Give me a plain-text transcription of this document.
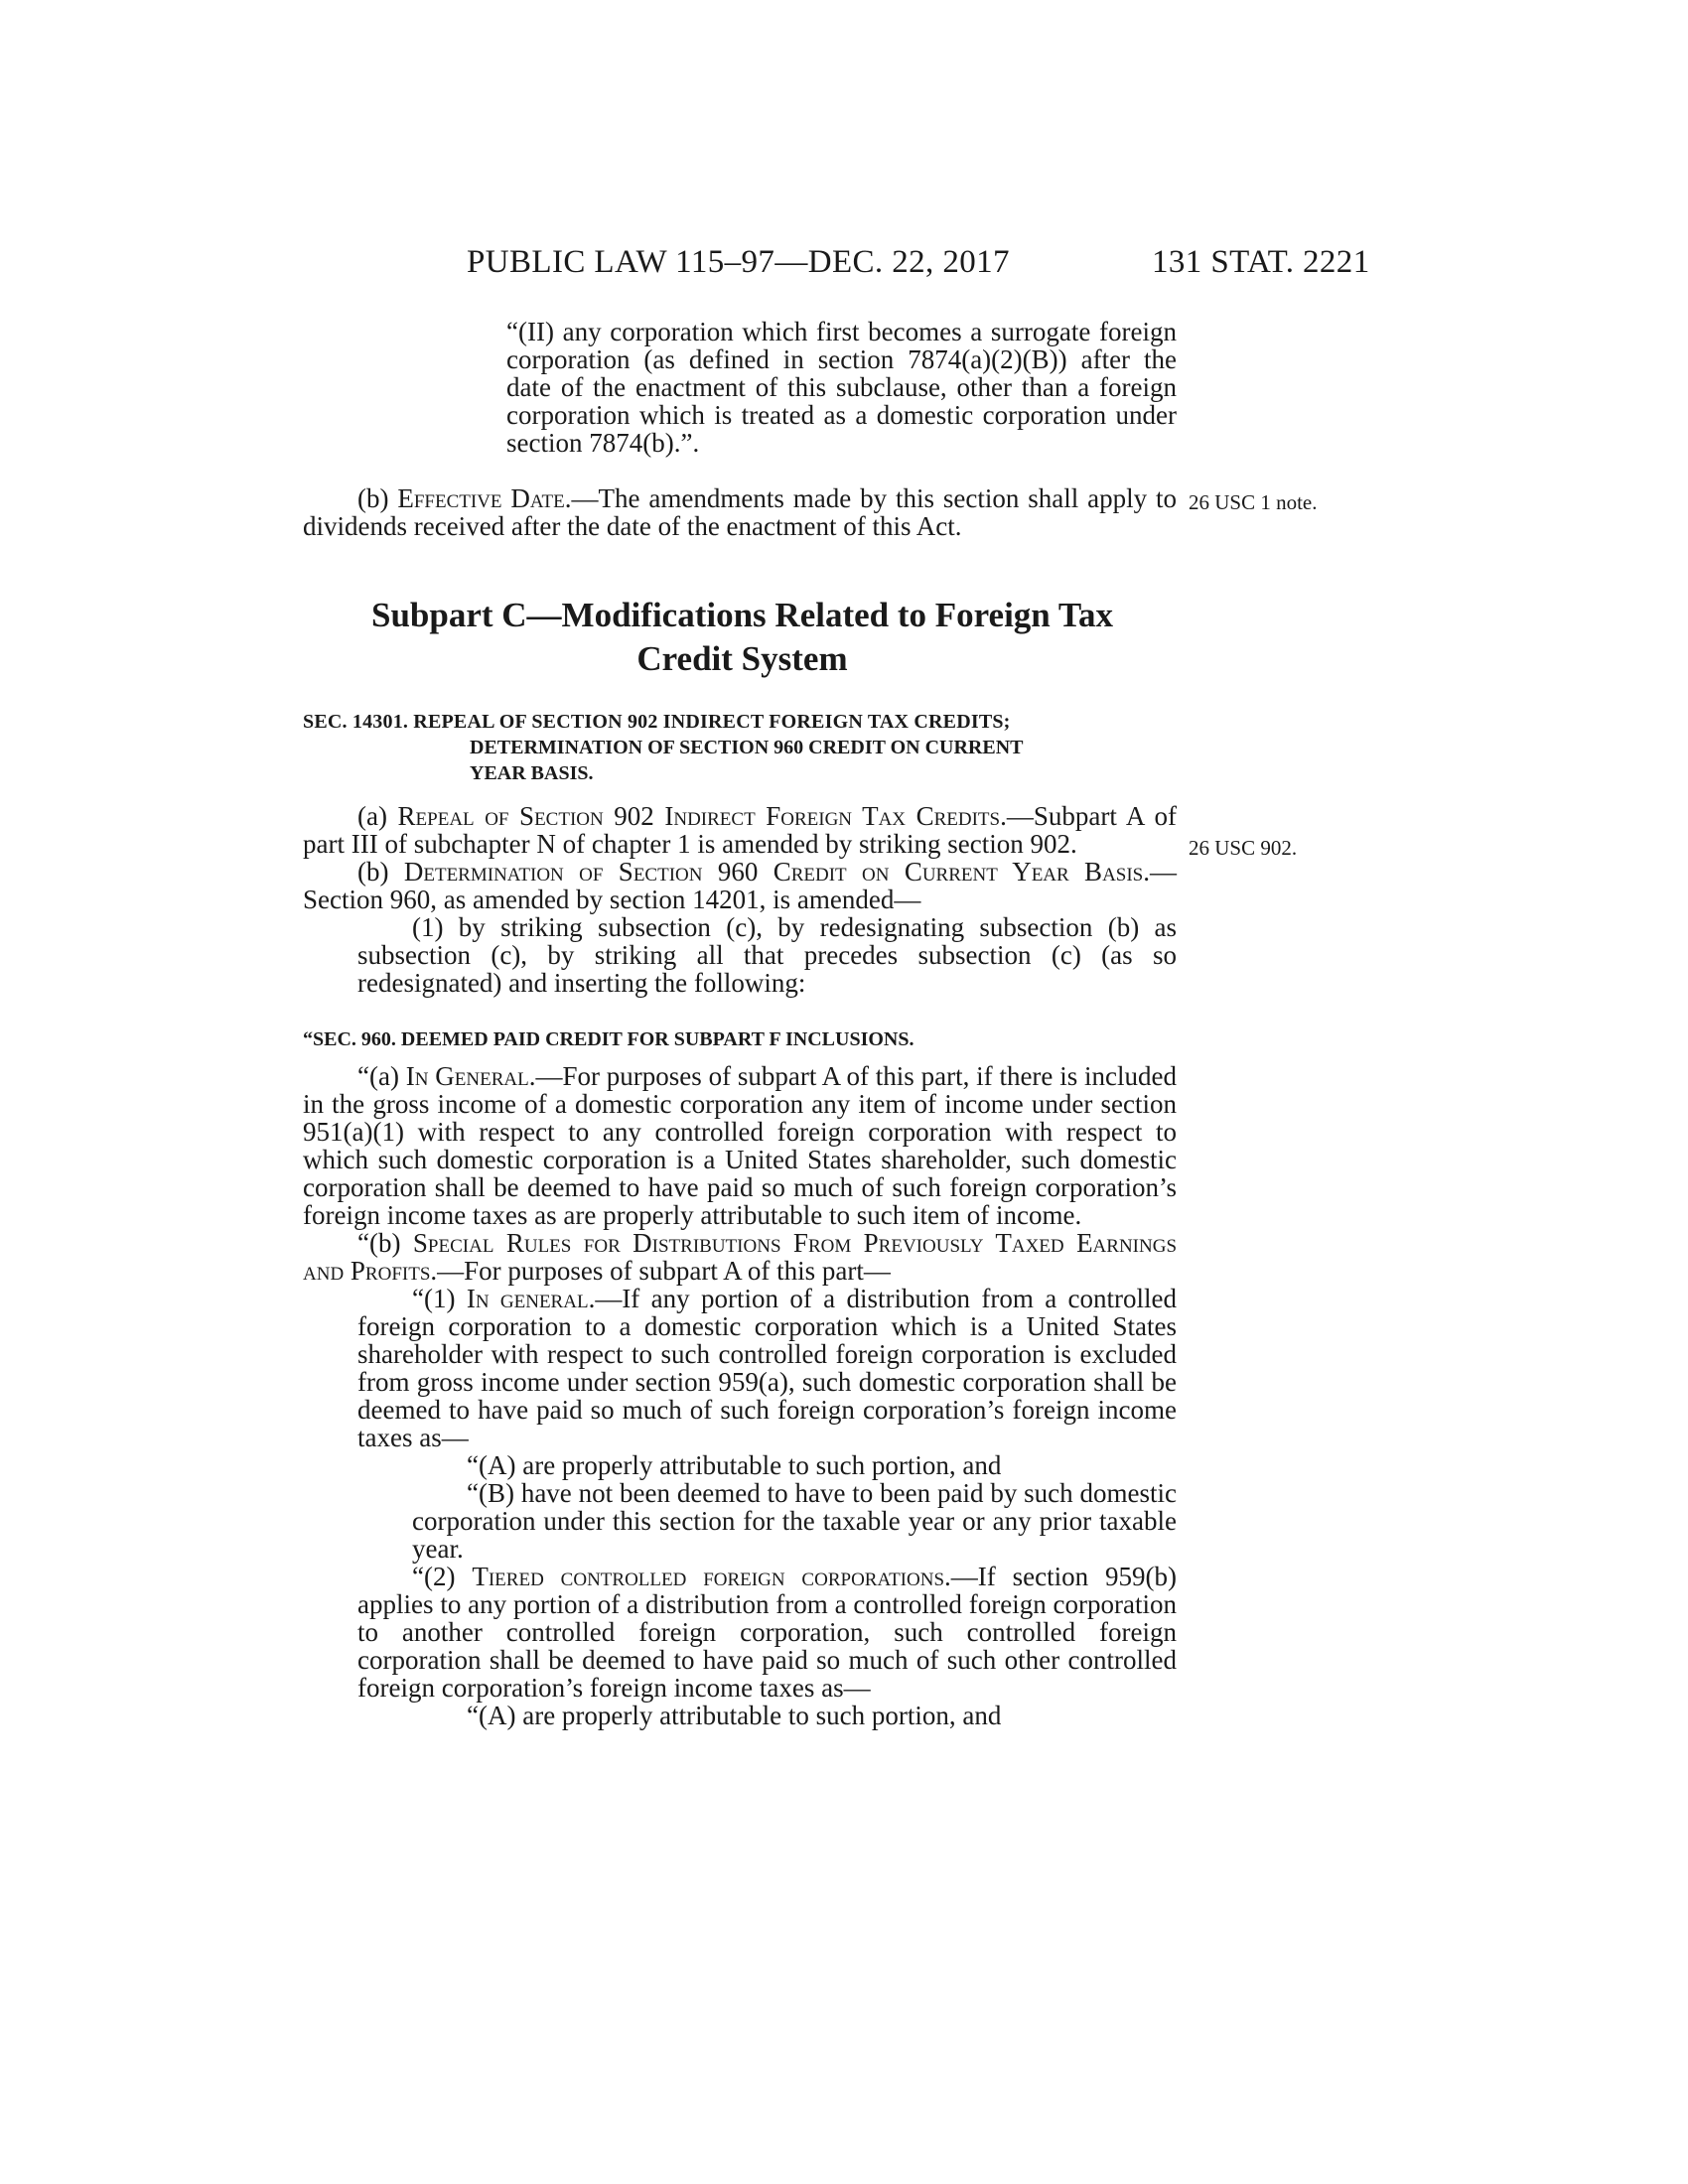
PUBLIC LAW 115–97—DEC. 22, 2017	131 STAT. 2221

“(II) any corporation which first becomes a surrogate foreign corporation (as defined in section 7874(a)(2)(B)) after the date of the enactment of this subclause, other than a foreign corporation which is treated as a domestic corporation under section 7874(b).”.

(b) Effective Date.—The amendments made by this section shall apply to dividends received after the date of the enactment of this Act.

26 USC 1 note.
Subpart C—Modifications Related to Foreign Tax
Credit System
SEC. 14301. REPEAL OF SECTION 902 INDIRECT FOREIGN TAX CREDITS;
DETERMINATION OF SECTION 960 CREDIT ON CURRENT
YEAR BASIS.

(a) Repeal of Section 902 Indirect Foreign Tax Credits.—Subpart A of part III of subchapter N of chapter 1 is amended by striking section 902.

(b) Determination of Section 960 Credit on Current Year Basis.—Section 960, as amended by section 14201, is amended—

(1) by striking subsection (c), by redesignating subsection (b) as subsection (c), by striking all that precedes subsection (c) (as so redesignated) and inserting the following:

26 USC 902.
“SEC. 960. DEEMED PAID CREDIT FOR SUBPART F INCLUSIONS.

“(a) In General.—For purposes of subpart A of this part, if there is included in the gross income of a domestic corporation any item of income under section 951(a)(1) with respect to any controlled foreign corporation with respect to which such domestic corporation is a United States shareholder, such domestic corporation shall be deemed to have paid so much of such foreign corporation’s foreign income taxes as are properly attributable to such item of income.

“(b) Special Rules for Distributions From Previously Taxed Earnings and Profits.—For purposes of subpart A of this part—

“(1) In general.—If any portion of a distribution from a controlled foreign corporation to a domestic corporation which is a United States shareholder with respect to such controlled foreign corporation is excluded from gross income under section 959(a), such domestic corporation shall be deemed to have paid so much of such foreign corporation’s foreign income taxes as—

“(A) are properly attributable to such portion, and

“(B) have not been deemed to have to been paid by such domestic corporation under this section for the taxable year or any prior taxable year.

“(2) Tiered controlled foreign corporations.—If section 959(b) applies to any portion of a distribution from a controlled foreign corporation to another controlled foreign corporation, such controlled foreign corporation shall be deemed to have paid so much of such other controlled foreign corporation’s foreign income taxes as—

“(A) are properly attributable to such portion, and
